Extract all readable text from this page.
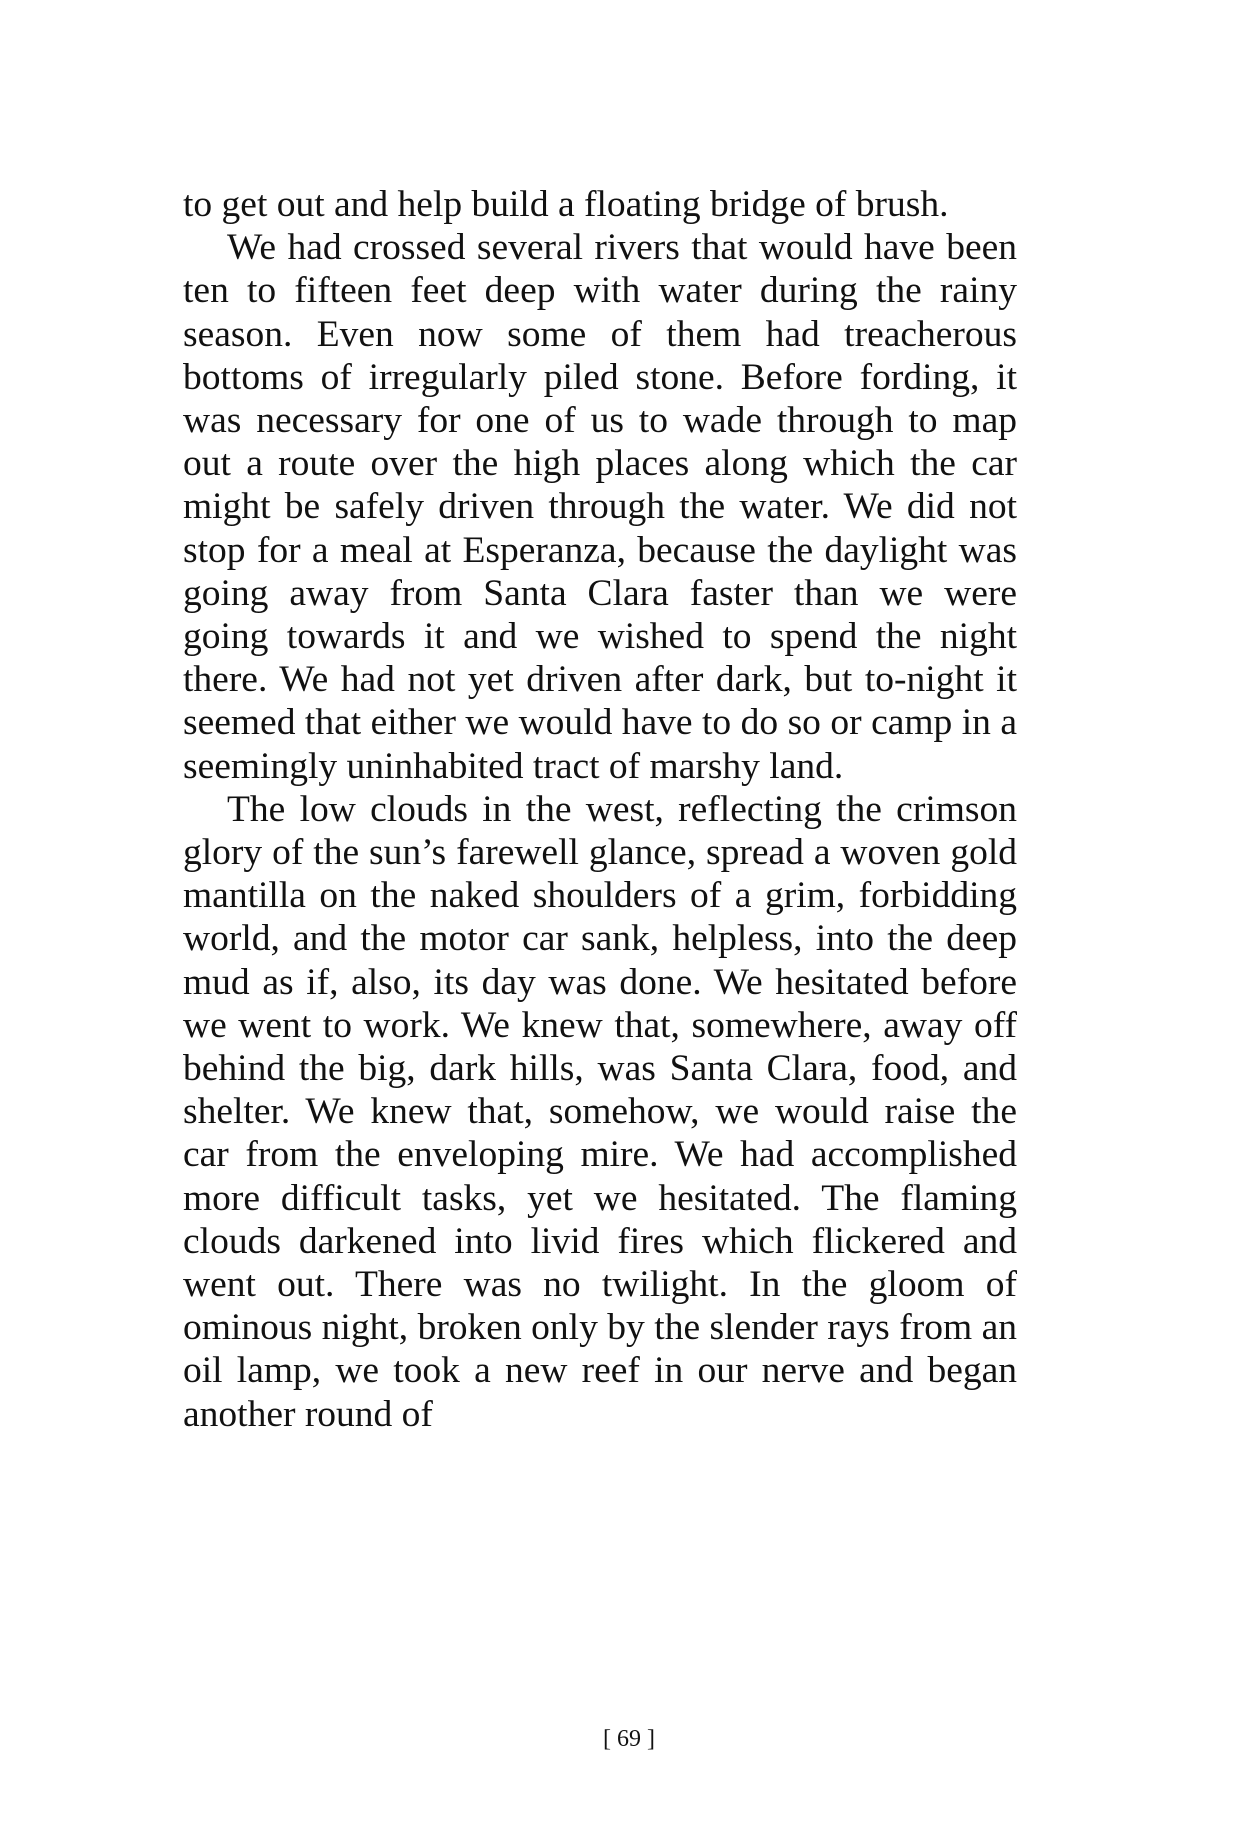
to get out and help build a floating bridge of brush.

We had crossed several rivers that would have been ten to fifteen feet deep with water during the rainy season. Even now some of them had treacherous bottoms of irregularly piled stone. Before fording, it was necessary for one of us to wade through to map out a route over the high places along which the car might be safely driven through the water. We did not stop for a meal at Esperanza, because the daylight was going away from Santa Clara faster than we were going towards it and we wished to spend the night there. We had not yet driven after dark, but to-night it seemed that either we would have to do so or camp in a seemingly uninhabited tract of marshy land.

The low clouds in the west, reflecting the crimson glory of the sun’s farewell glance, spread a woven gold mantilla on the naked shoulders of a grim, forbidding world, and the motor car sank, helpless, into the deep mud as if, also, its day was done. We hesitated before we went to work. We knew that, somewhere, away off behind the big, dark hills, was Santa Clara, food, and shelter. We knew that, somehow, we would raise the car from the enveloping mire. We had accomplished more difficult tasks, yet we hesitated. The flaming clouds darkened into livid fires which flickered and went out. There was no twilight. In the gloom of ominous night, broken only by the slender rays from an oil lamp, we took a new reef in our nerve and began another round of

[ 69 ]
